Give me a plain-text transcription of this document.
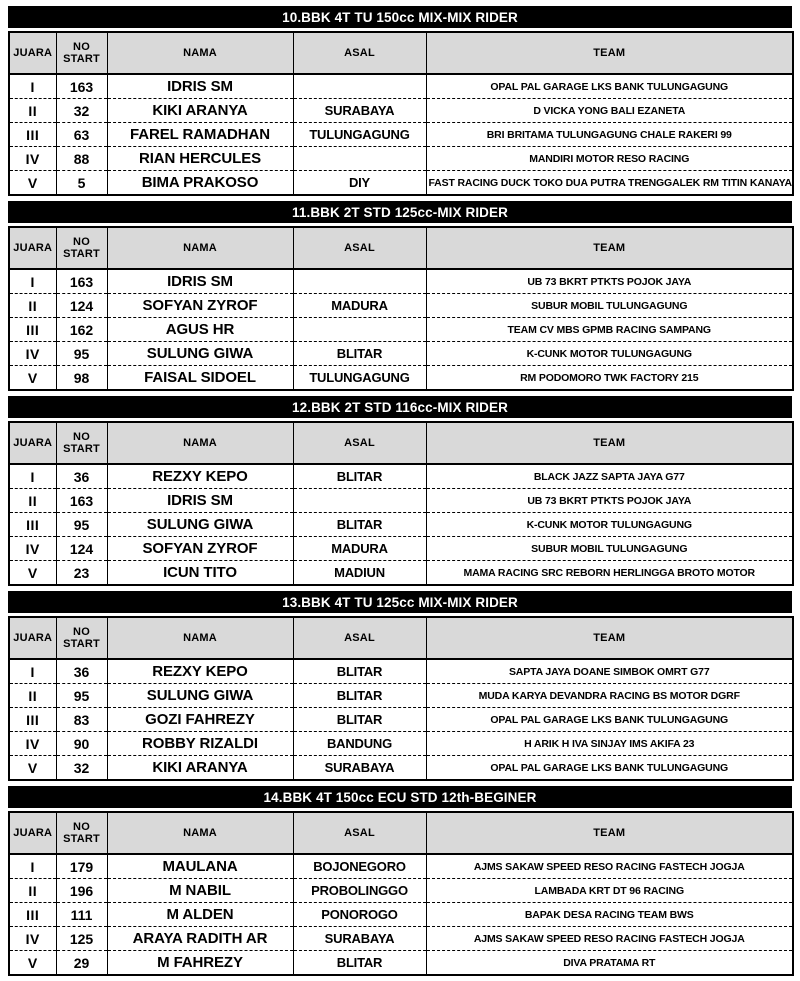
10.BBK 4T TU 150cc MIX-MIX RIDER
JUARA	NO
START	NAMA	ASAL	TEAM
I	163	IDRIS SM		OPAL PAL GARAGE LKS BANK TULUNGAGUNG
II	32	KIKI ARANYA	SURABAYA	D VICKA YONG BALI EZANETA
III	63	FAREL RAMADHAN	TULUNGAGUNG	BRI BRITAMA TULUNGAGUNG CHALE RAKERI 99
IV	88	RIAN HERCULES		MANDIRI MOTOR RESO RACING
V	5	BIMA PRAKOSO	DIY	FAST RACING DUCK TOKO DUA PUTRA TRENGGALEK RM TITIN KANAYA
11.BBK 2T STD 125cc-MIX RIDER
JUARA	NO
START	NAMA	ASAL	TEAM
I	163	IDRIS SM		UB 73 BKRT PTKTS POJOK JAYA
II	124	SOFYAN ZYROF	MADURA	SUBUR MOBIL TULUNGAGUNG
III	162	AGUS HR		TEAM CV MBS GPMB RACING SAMPANG
IV	95	SULUNG GIWA	BLITAR	K-CUNK MOTOR TULUNGAGUNG
V	98	FAISAL SIDOEL	TULUNGAGUNG	RM PODOMORO TWK FACTORY 215
12.BBK 2T STD 116cc-MIX RIDER
JUARA	NO
START	NAMA	ASAL	TEAM
I	36	REZXY KEPO	BLITAR	BLACK JAZZ SAPTA JAYA G77
II	163	IDRIS SM		UB 73 BKRT PTKTS POJOK JAYA
III	95	SULUNG GIWA	BLITAR	K-CUNK MOTOR TULUNGAGUNG
IV	124	SOFYAN ZYROF	MADURA	SUBUR MOBIL TULUNGAGUNG
V	23	ICUN TITO	MADIUN	MAMA RACING SRC REBORN HERLINGGA BROTO MOTOR
13.BBK 4T TU 125cc MIX-MIX RIDER
JUARA	NO
START	NAMA	ASAL	TEAM
I	36	REZXY KEPO	BLITAR	SAPTA JAYA DOANE SIMBOK OMRT G77
II	95	SULUNG GIWA	BLITAR	MUDA KARYA DEVANDRA RACING BS MOTOR DGRF
III	83	GOZI FAHREZY	BLITAR	OPAL PAL GARAGE LKS BANK TULUNGAGUNG
IV	90	ROBBY RIZALDI	BANDUNG	H ARIK H IVA SINJAY IMS AKIFA 23
V	32	KIKI ARANYA	SURABAYA	OPAL PAL GARAGE LKS BANK TULUNGAGUNG
14.BBK 4T 150cc ECU STD 12th-BEGINER
JUARA	NO
START	NAMA	ASAL	TEAM
I	179	MAULANA	BOJONEGORO	AJMS SAKAW SPEED RESO RACING FASTECH JOGJA
II	196	M NABIL	PROBOLINGGO	LAMBADA KRT DT 96 RACING
III	111	M ALDEN	PONOROGO	BAPAK DESA RACING TEAM BWS
IV	125	ARAYA RADITH AR	SURABAYA	AJMS SAKAW SPEED RESO RACING FASTECH JOGJA
V	29	M FAHREZY	BLITAR	DIVA PRATAMA RT
